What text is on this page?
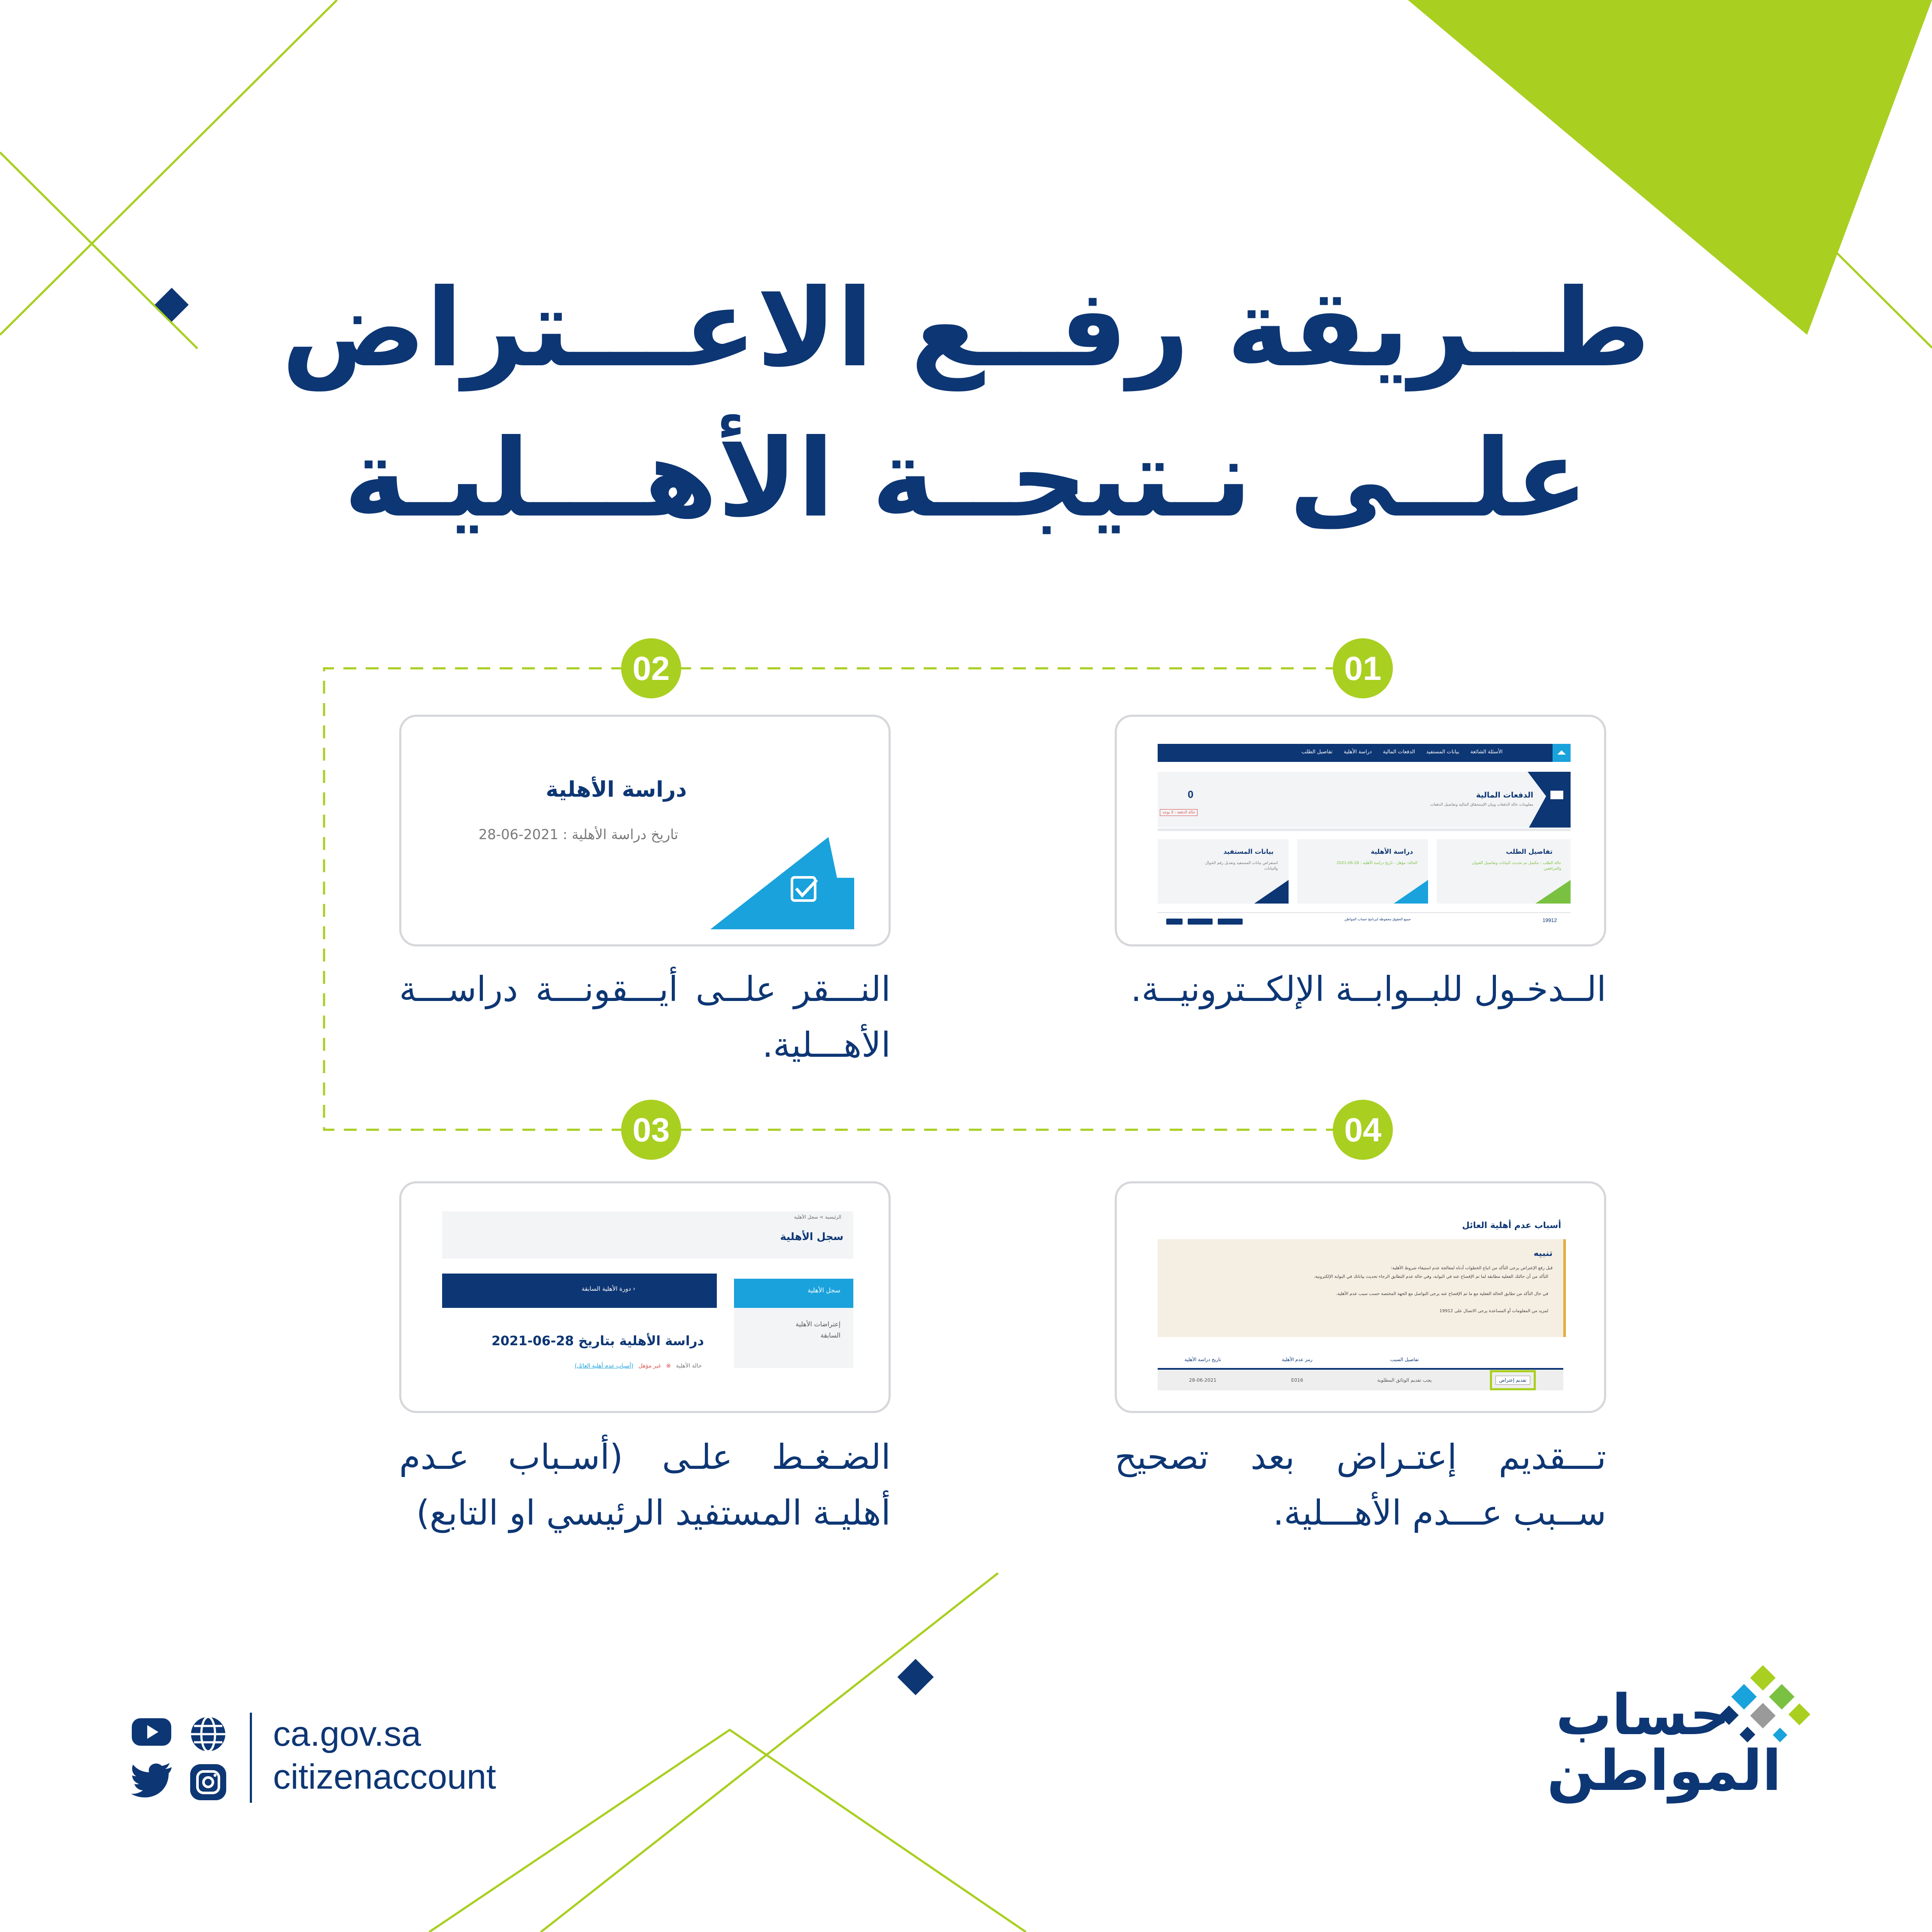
طــريقة رفــع الاعـــتراض
علــى نـتيجــة الأهـــليـة
01
02
04
03
تفاصيل الطلب دراسة الأهلية الدفعات المالية بيانات المستفيد الأسئلة الشائعة
الدفعات المالية
معلومات حالة الدفعات وبيان الإستحقاق المالية وتفاصيل الدفعات
0
حالة الدفعة : لا يوجد
تفاصيل الطلب
حالة الطلب : مكتمل تم تحديث البيانات وتفاصيل العنوان والمرافقين
دراسة الأهلية
الحالة: مؤهل - تاريخ دراسة الأهلية : 28-06-2021
بيانات المستفيد
استعراض بيانات المستفيد وتعديل رقم الجوال والبيانات
19912
جميع الحقوق محفوظة لبرنامج حساب المواطن
دراسة الأهلية
تاريخ دراسة الأهلية : 2021-06-28
الــدخـول للبــوابــة الإلكــترونيــة.
النـــقر علــى أيـــقونـــة دراســـة الأهـــلية.
أسباب عدم أهلية العائل
تنبيه
قبل رفع الإعتراض يرجى التأكد من اتباع الخطوات أدناه لمعالجة عدم استيفاء شروط الأهلية:
التأكد من أن حالتك الفعلية مطابقة لما تم الإفصاح عنه في البوابة، وفي حالة عدم التطابق الرجاء تحديث بياناتك في البوابة الإلكترونية.
في حال التأكد من تطابق الحالة الفعلية مع ما تم الإفصاح عنه يرجى التواصل مع الجهة المختصة حسب سبب عدم الأهلية.
لمزيد من المعلومات أو المساعدة يرجى الاتصال على 19912
تاريخ دراسة الأهلية	رمز عدم الأهلية	تفاصيل السبب
28-06-2021	E016	يجب تقديم الوثائق المطلوبة	تقديم إعتراض
الرئيسية > سجل الأهلية
سجل الأهلية
‹ دورة الأهلية السابقة	سجل الأهلية
إعتراضات الأهلية السابقة
دراسة الأهلية بتاريخ 28-06-2021
حالة الأهلية
⊗
غير مؤهل
(أسباب عدم أهلية العائل)
تـــقديم إعتـراض بعد تصحيح ســبب عـــدم الأهـــلية.
الضـغـط علـى (أسـباب عـدم أهليـة المستفيد الرئيسي او التابع)
ca.gov.sa
citizenaccount
حساب
المواطن
